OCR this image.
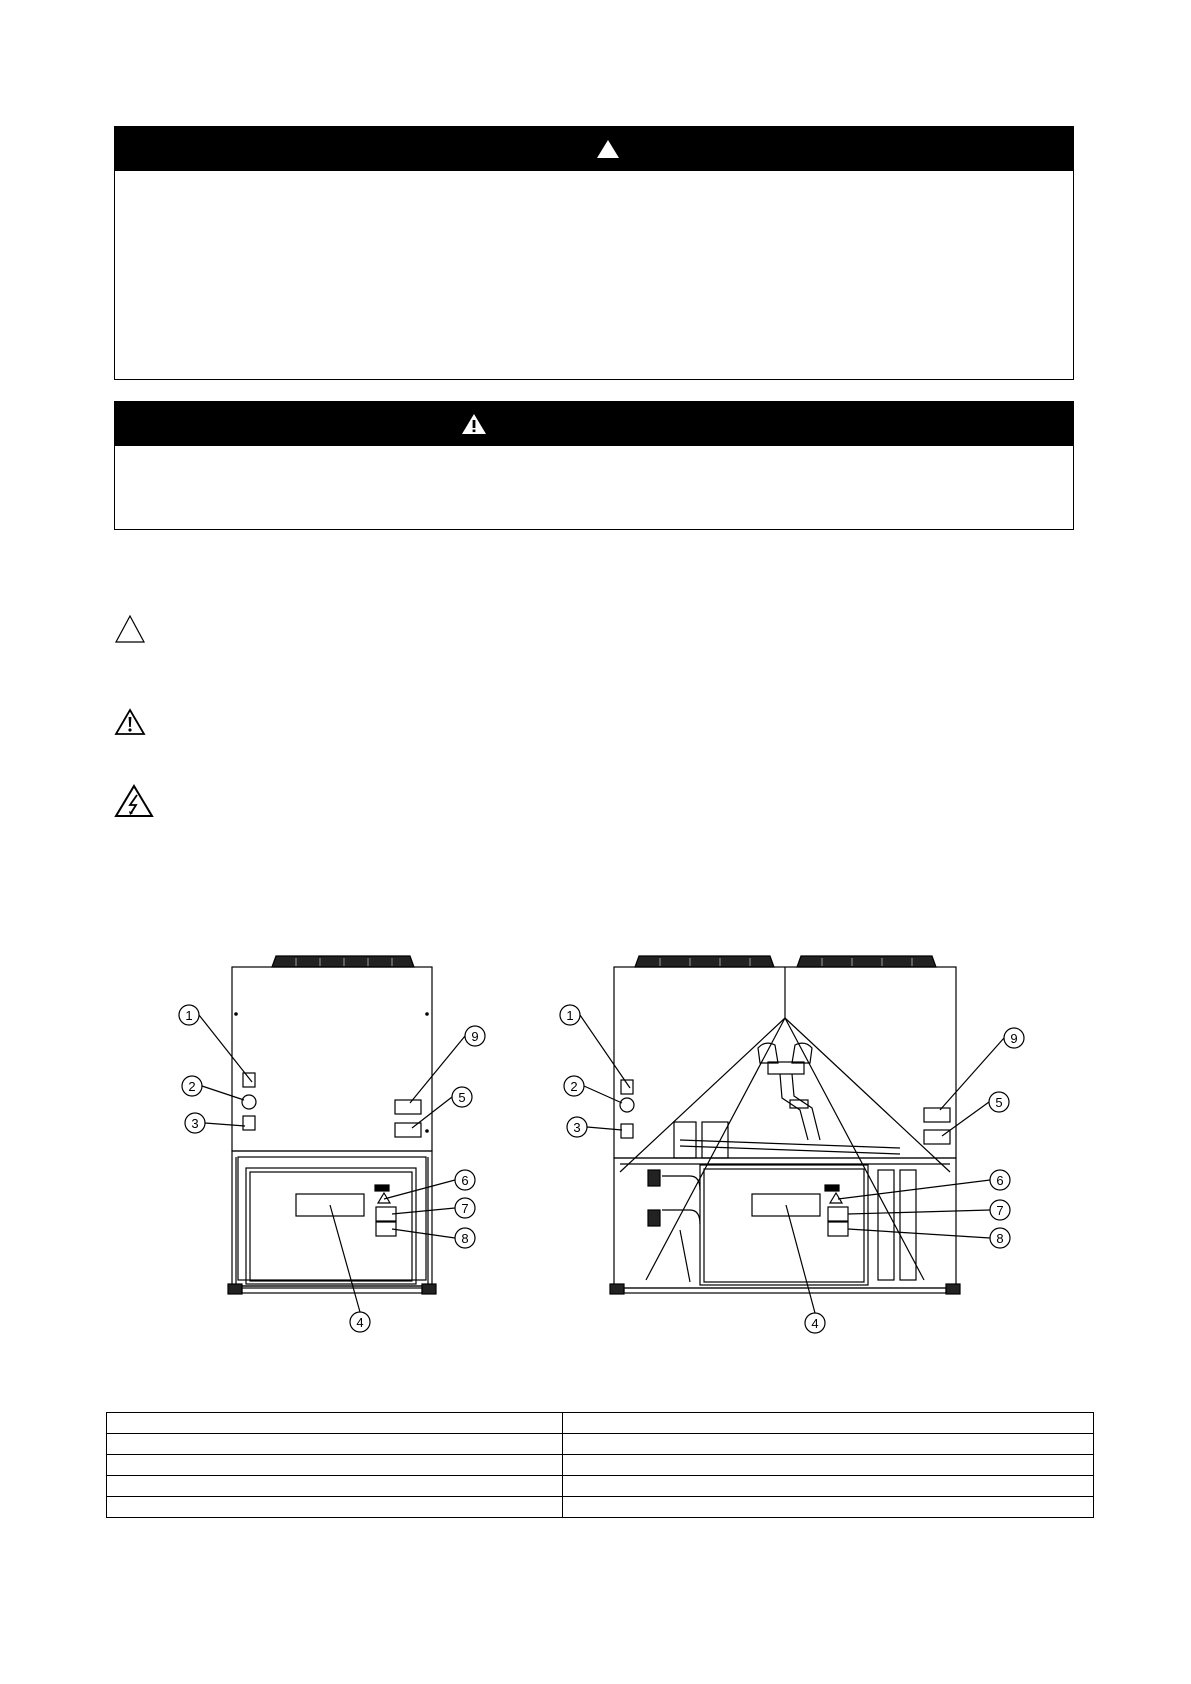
1
2
3
4
5
6
7
8
9
1
2
3
4
5
6
7
8
9
